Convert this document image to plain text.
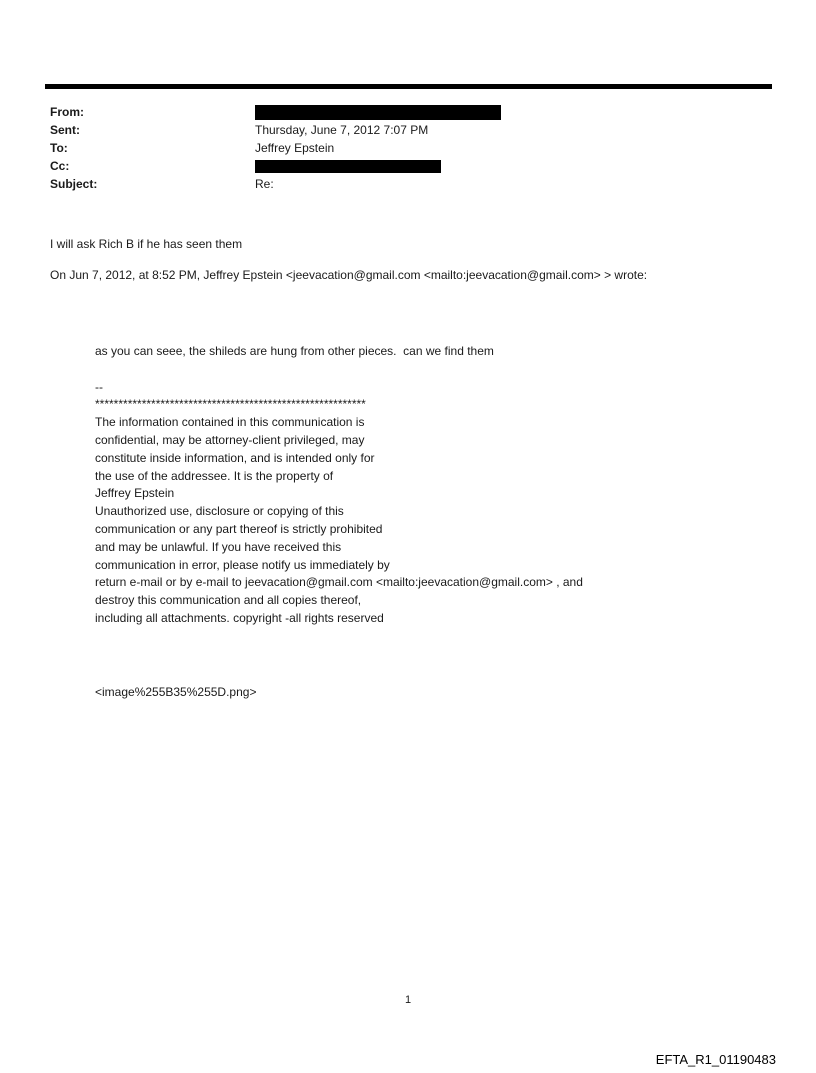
From:
Sent:	Thursday, June 7, 2012 7:07 PM
To:	Jeffrey Epstein
Cc:
Subject:	Re:
I will ask Rich B if he has seen them
On Jun 7, 2012, at 8:52 PM, Jeffrey Epstein <jeevacation@gmail.com <mailto:jeevacation@gmail.com> > wrote:
as you can seee, the shileds are hung from other pieces.  can we find them
--
**********************************************************
The information contained in this communication is
confidential, may be attorney-client privileged, may
constitute inside information, and is intended only for
the use of the addressee. It is the property of
Jeffrey Epstein
Unauthorized use, disclosure or copying of this
communication or any part thereof is strictly prohibited
and may be unlawful. If you have received this
communication in error, please notify us immediately by
return e-mail or by e-mail to jeevacation@gmail.com <mailto:jeevacation@gmail.com> , and
destroy this communication and all copies thereof,
including all attachments. copyright -all rights reserved
<image%255B35%255D.png>
1
EFTA_R1_01190483
